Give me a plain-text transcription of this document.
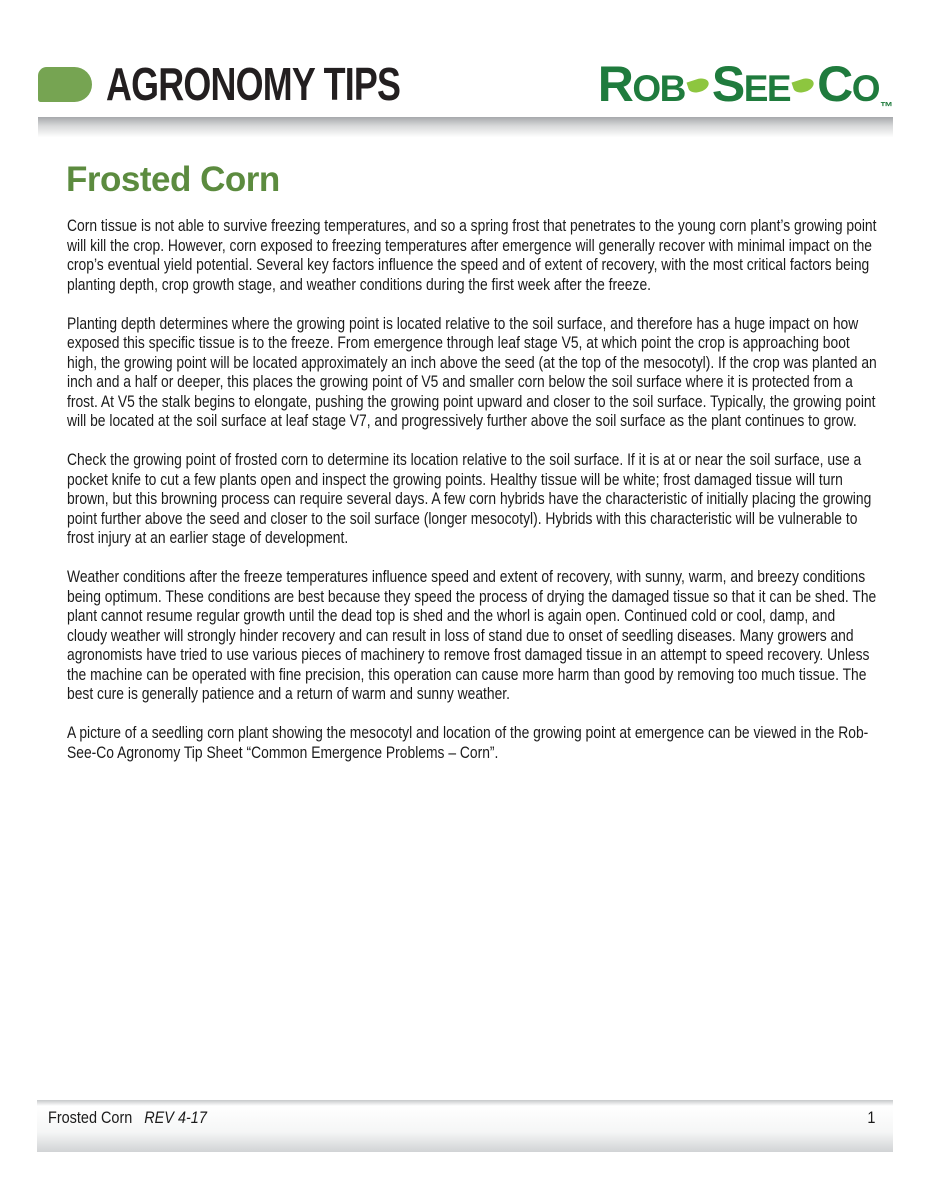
AGRONOMY TIPS	R OB S EE C O ™
Frosted Corn

Corn tissue is not able to survive freezing temperatures, and so a spring frost that penetrates to the young corn plant’s growing point will kill the crop. However, corn exposed to freezing temperatures after emergence will generally recover with minimal impact on the crop’s eventual yield potential. Several key factors influence the speed and of extent of recovery, with the most critical factors being planting depth, crop growth stage, and weather conditions during the first week after the freeze.

Planting depth determines where the growing point is located relative to the soil surface, and therefore has a huge impact on how exposed this specific tissue is to the freeze. From emergence through leaf stage V5, at which point the crop is approaching boot high, the growing point will be located approximately an inch above the seed (at the top of the mesocotyl). If the crop was planted an inch and a half or deeper, this places the growing point of V5 and smaller corn below the soil surface where it is protected from a frost. At V5 the stalk begins to elongate, pushing the growing point upward and closer to the soil surface. Typically, the growing point will be located at the soil surface at leaf stage V7, and progressively further above the soil surface as the plant continues to grow.

Check the growing point of frosted corn to determine its location relative to the soil surface. If it is at or near the soil surface, use a pocket knife to cut a few plants open and inspect the growing points. Healthy tissue will be white; frost damaged tissue will turn brown, but this browning process can require several days. A few corn hybrids have the characteristic of initially placing the growing point further above the seed and closer to the soil surface (longer mesocotyl). Hybrids with this characteristic will be vulnerable to frost injury at an earlier stage of development.

Weather conditions after the freeze temperatures influence speed and extent of recovery, with sunny, warm, and breezy conditions being optimum. These conditions are best because they speed the process of drying the damaged tissue so that it can be shed. The plant cannot resume regular growth until the dead top is shed and the whorl is again open. Continued cold or cool, damp, and cloudy weather will strongly hinder recovery and can result in loss of stand due to onset of seedling diseases. Many growers and agronomists have tried to use various pieces of machinery to remove frost damaged tissue in an attempt to speed recovery. Unless the machine can be operated with fine precision, this operation can cause more harm than good by removing too much tissue. The best cure is generally patience and a return of warm and sunny weather.

A picture of a seedling corn plant showing the mesocotyl and location of the growing point at emergence can be viewed in the Rob-See-Co Agronomy Tip Sheet “Common Emergence Problems – Corn”.

Frosted Corn REV 4-17	1
